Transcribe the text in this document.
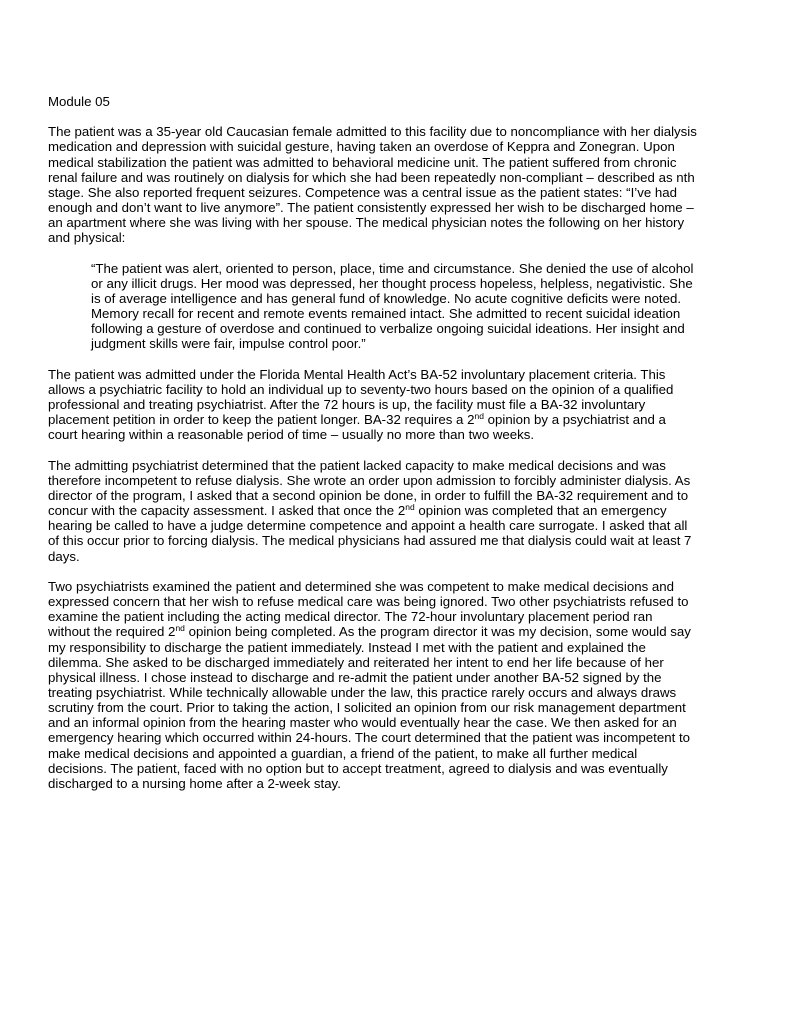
Module 05

The patient was a 35-year old Caucasian female admitted to this facility due to noncompliance with her dialysis medication and depression with suicidal gesture, having taken an overdose of Keppra and Zonegran. Upon medical stabilization the patient was admitted to behavioral medicine unit. The patient suffered from chronic renal failure and was routinely on dialysis for which she had been repeatedly non-compliant – described as nth stage. She also reported frequent seizures. Competence was a central issue as the patient states: “I’ve had enough and don’t want to live anymore”. The patient consistently expressed her wish to be discharged home – an apartment where she was living with her spouse. The medical physician notes the following on her history and physical:

“The patient was alert, oriented to person, place, time and circumstance. She denied the use of alcohol or any illicit drugs. Her mood was depressed, her thought process hopeless, helpless, negativistic. She is of average intelligence and has general fund of knowledge. No acute cognitive deficits were noted. Memory recall for recent and remote events remained intact. She admitted to recent suicidal ideation following a gesture of overdose and continued to verbalize ongoing suicidal ideations. Her insight and judgment skills were fair, impulse control poor.”

The patient was admitted under the Florida Mental Health Act’s BA-52 involuntary placement criteria. This allows a psychiatric facility to hold an individual up to seventy-two hours based on the opinion of a qualified professional and treating psychiatrist. After the 72 hours is up, the facility must file a BA-32 involuntary placement petition in order to keep the patient longer. BA-32 requires a 2nd opinion by a psychiatrist and a court hearing within a reasonable period of time – usually no more than two weeks.

The admitting psychiatrist determined that the patient lacked capacity to make medical decisions and was therefore incompetent to refuse dialysis. She wrote an order upon admission to forcibly administer dialysis. As director of the program, I asked that a second opinion be done, in order to fulfill the BA-32 requirement and to concur with the capacity assessment. I asked that once the 2nd opinion was completed that an emergency hearing be called to have a judge determine competence and appoint a health care surrogate. I asked that all of this occur prior to forcing dialysis. The medical physicians had assured me that dialysis could wait at least 7 days.

Two psychiatrists examined the patient and determined she was competent to make medical decisions and expressed concern that her wish to refuse medical care was being ignored. Two other psychiatrists refused to examine the patient including the acting medical director. The 72-hour involuntary placement period ran without the required 2nd opinion being completed. As the program director it was my decision, some would say my responsibility to discharge the patient immediately. Instead I met with the patient and explained the dilemma. She asked to be discharged immediately and reiterated her intent to end her life because of her physical illness. I chose instead to discharge and re-admit the patient under another BA-52 signed by the treating psychiatrist. While technically allowable under the law, this practice rarely occurs and always draws scrutiny from the court. Prior to taking the action, I solicited an opinion from our risk management department and an informal opinion from the hearing master who would eventually hear the case. We then asked for an emergency hearing which occurred within 24-hours. The court determined that the patient was incompetent to make medical decisions and appointed a guardian, a friend of the patient, to make all further medical decisions. The patient, faced with no option but to accept treatment, agreed to dialysis and was eventually discharged to a nursing home after a 2-week stay.
